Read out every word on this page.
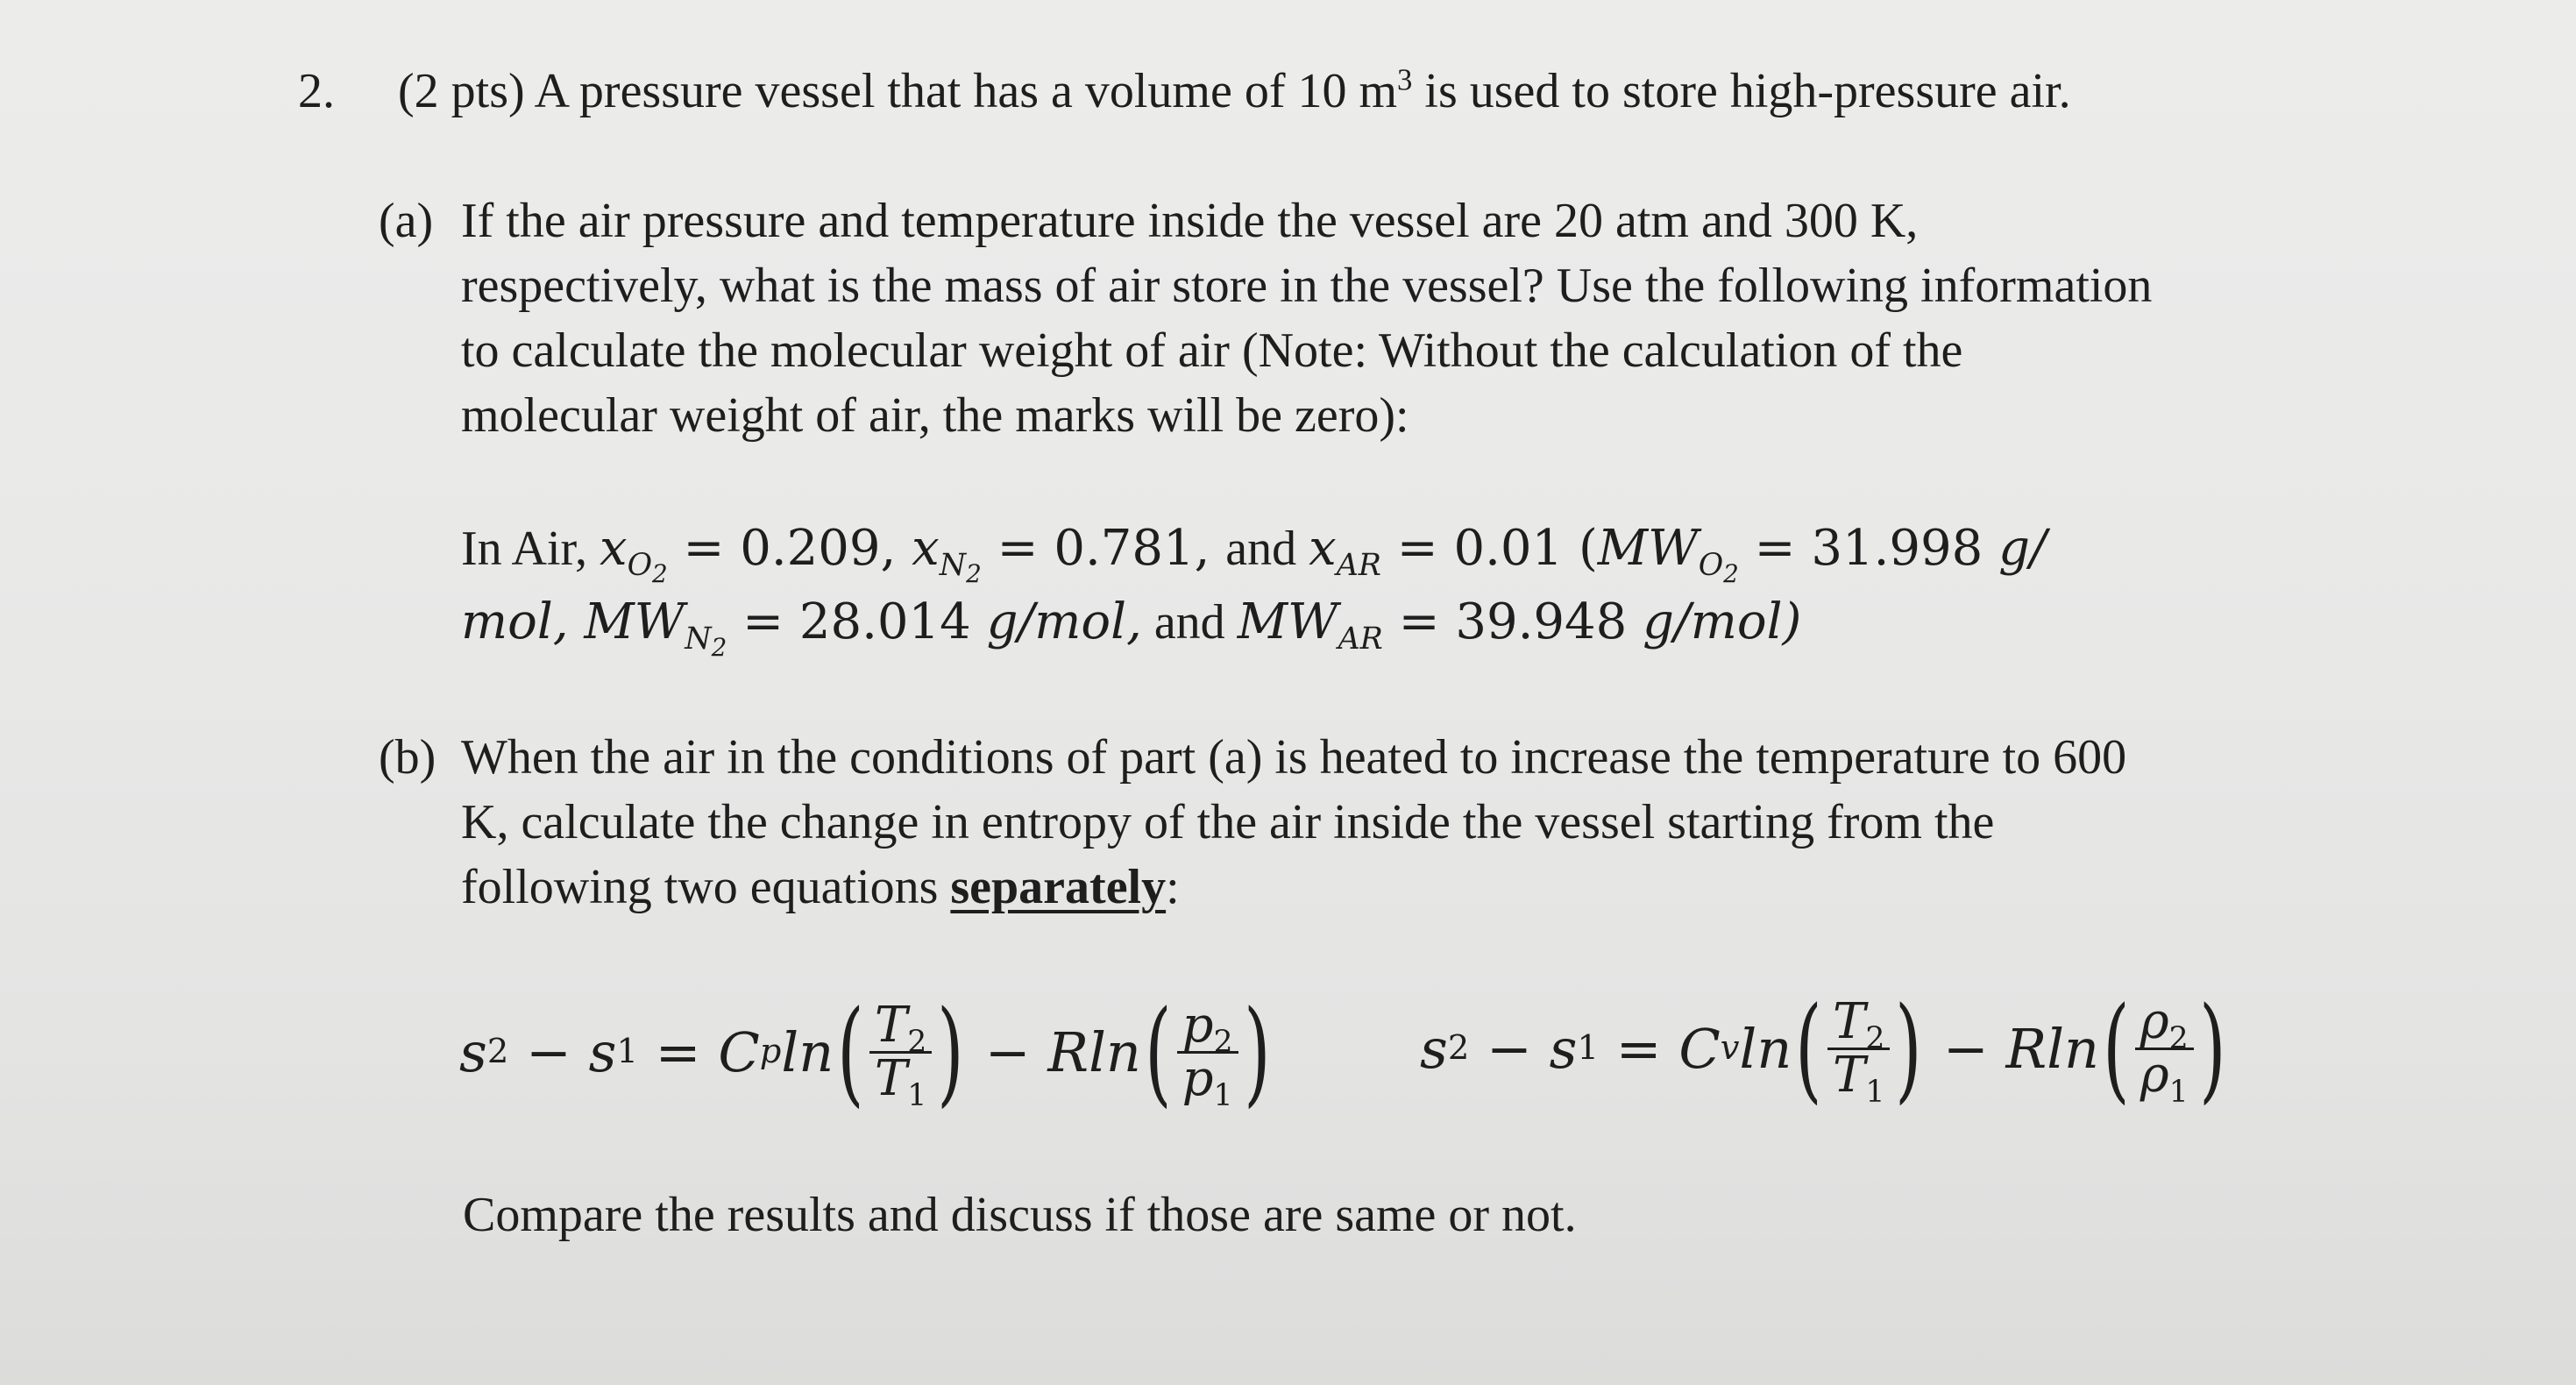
2. (2 pts) A pressure vessel that has a volume of 10 $m^3$ is used to store high-pressure air.
(a) If the air pressure and temperature inside the vessel are 20 atm and 300 K,
respectively, what is the mass of air store in the vessel? Use the following information
to calculate the molecular weight of air (Note: Without the calculation of the
molecular weight of air, the marks will be zero):
In Air, $x_{O_2} = 0.209$, $x_{N_2} = 0.781$, and $x_{AR} = 0.01$ ($MW_{O_2} = 31.998$ g/
mol, $MW_{N_2} = 28.014$ g/mol, and $MW_{AR} = 39.948$ g/mol)
(b) When the air in the conditions of part (a) is heated to increase the temperature to 600
K, calculate the change in entropy of the air inside the vessel starting from the
following two equations separately:
s 2 − s 1 = C p ln ( $\frac{T_2}{T_1}$ ) − Rln ( $\frac{p_2}{p_1}$ )	s 2 − s 1 = C v ln ( $\frac{T_2}{T_1}$ ) − Rln ( $\frac{\rho_2}{\rho_1}$ )
Compare the results and discuss if those are same or not.
